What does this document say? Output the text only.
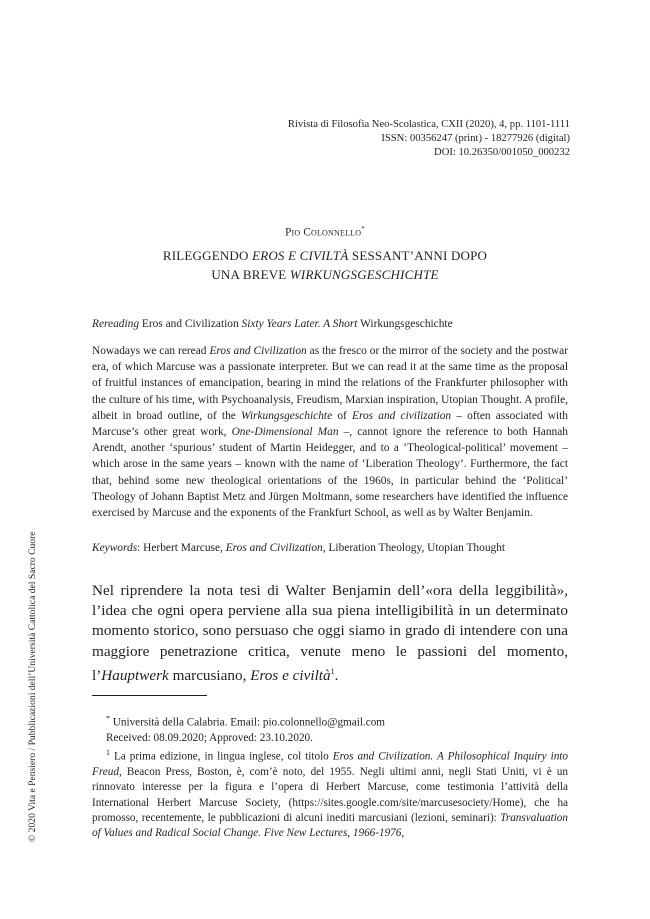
Rivista di Filosofia Neo-Scolastica, CXII (2020), 4, pp. 1101-1111
ISSN: 00356247 (print) - 18277926 (digital)
DOI: 10.26350/001050_000232
Pio Colonnello*
RILEGGENDO EROS E CIVILTÀ SESSANT’ANNI DOPO
UNA BREVE WIRKUNGSGESCHICHTE
Rereading Eros and Civilization Sixty Years Later. A Short Wirkungsgeschichte
Nowadays we can reread Eros and Civilization as the fresco or the mirror of the society and the postwar era, of which Marcuse was a passionate interpreter. But we can read it at the same time as the proposal of fruitful instances of emancipation, bearing in mind the relations of the Frankfurter philosopher with the culture of his time, with Psychoanalysis, Freudism, Marxian inspiration, Utopian Thought. A profile, albeit in broad outline, of the Wirkungsgeschichte of Eros and civilization – often associated with Marcuse’s other great work, One-Dimensional Man –, cannot ignore the reference to both Hannah Arendt, another ‘spurious’ student of Martin Heidegger, and to a ‘Theological-political’ movement – which arose in the same years – known with the name of ‘Liberation Theology’. Furthermore, the fact that, behind some new theological orientations of the 1960s, in particular behind the ‘Political’ Theology of Johann Baptist Metz and Jürgen Moltmann, some researchers have identified the influence exercised by Marcuse and the exponents of the Frankfurt School, as well as by Walter Benjamin.
Keywords: Herbert Marcuse, Eros and Civilization, Liberation Theology, Utopian Thought
Nel riprendere la nota tesi di Walter Benjamin dell’«ora della leggibilità», l’idea che ogni opera perviene alla sua piena intelligibilità in un determinato momento storico, sono persuaso che oggi siamo in grado di intendere con una maggiore penetrazione critica, venute meno le passioni del momento, l’Hauptwerk marcusiano, Eros e civiltà$^1$.
* Università della Calabria. Email: pio.colonnello@gmail.com
Received: 08.09.2020; Approved: 23.10.2020.
$^1$ La prima edizione, in lingua inglese, col titolo Eros and Civilization. A Philosophical Inquiry into Freud, Beacon Press, Boston, è, com’è noto, del 1955. Negli ultimi anni, negli Stati Uniti, vi è un rinnovato interesse per la figura e l’opera di Herbert Marcuse, come testimonia l’attività della International Herbert Marcuse Society, (https://sites.google.com/site/marcusesociety/Home), che ha promosso, recentemente, le pubblicazioni di alcuni inediti marcusiani (lezioni, seminari): Transvaluation of Values and Radical Social Change. Five New Lectures, 1966-1976,
© 2020 Vita e Pensiero / Pubblicazioni dell’Università Cattolica del Sacro Cuore
